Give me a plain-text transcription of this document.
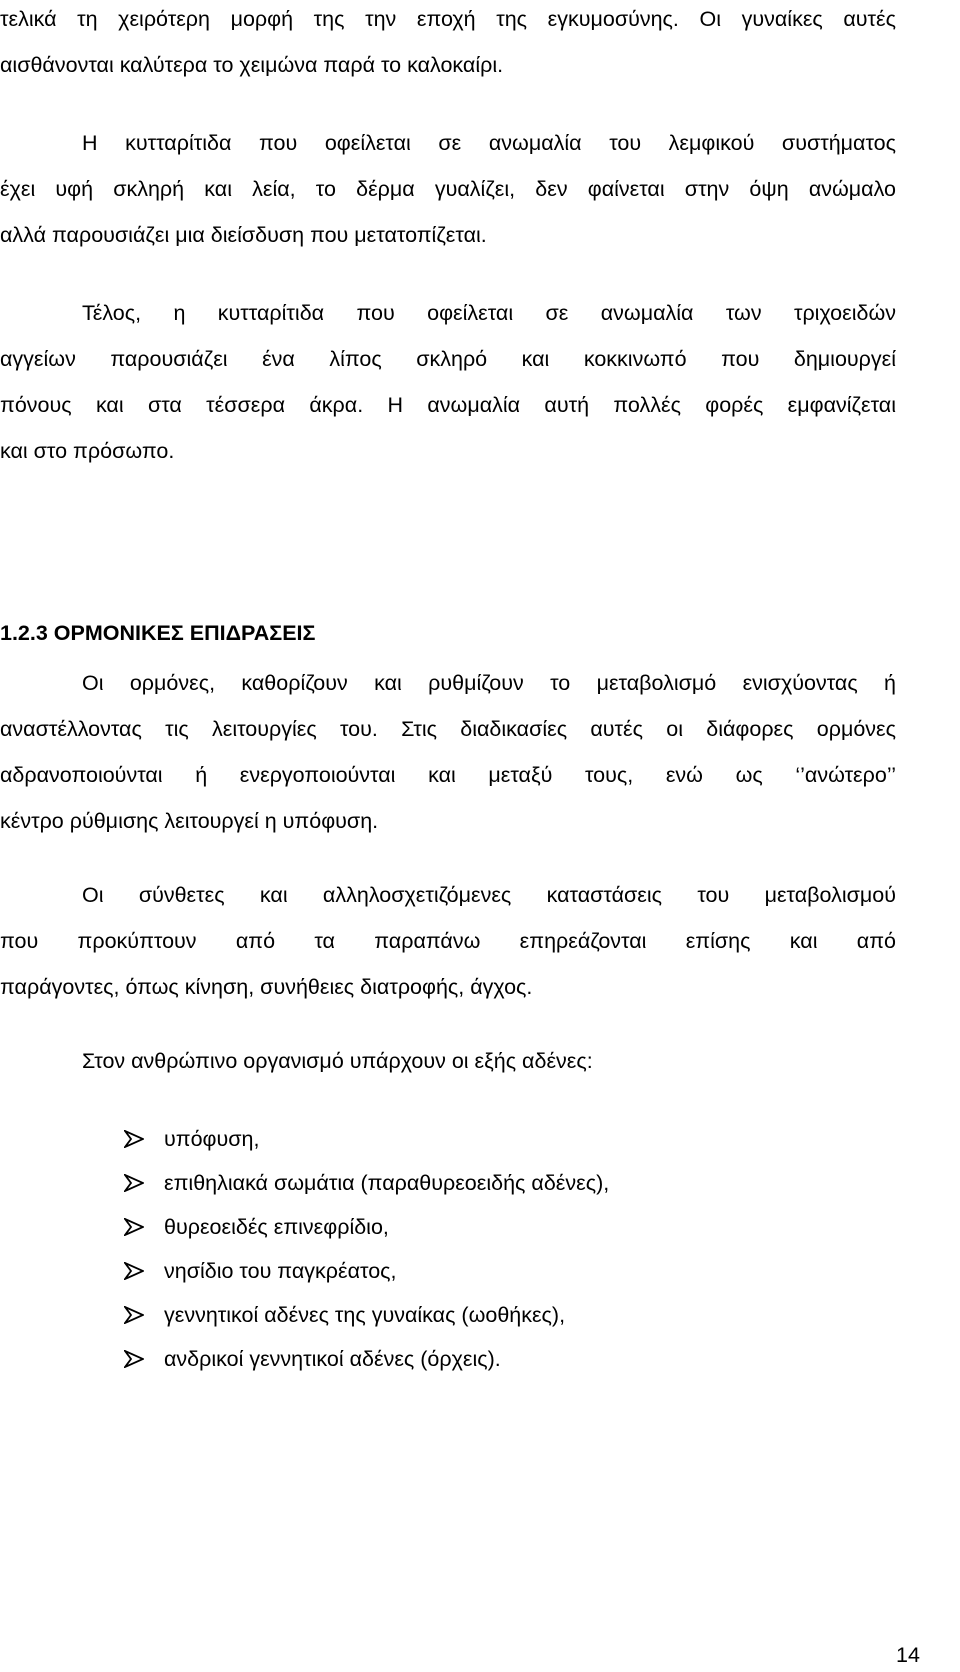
τελικά τη χειρότερη μορφή της την εποχή της εγκυμοσύνης. Οι γυναίκες αυτές
αισθάνονται καλύτερα το χειμώνα παρά το καλοκαίρι.
Η κυτταρίτιδα που οφείλεται σε ανωμαλία του λεμφικού συστήματος
έχει υφή σκληρή και λεία, το δέρμα γυαλίζει, δεν φαίνεται στην όψη ανώμαλο
αλλά παρουσιάζει μια διείσδυση που μετατοπίζεται.
Τέλος, η κυτταρίτιδα που οφείλεται σε ανωμαλία των τριχοειδών
αγγείων παρουσιάζει ένα λίπος σκληρό και κοκκινωπό που δημιουργεί
πόνους και στα τέσσερα άκρα. Η ανωμαλία αυτή πολλές φορές εμφανίζεται
και στο πρόσωπο.
1.2.3 ΟΡΜΟΝΙΚΕΣ ΕΠΙΔΡΑΣΕΙΣ
Οι ορμόνες, καθορίζουν και ρυθμίζουν το μεταβολισμό ενισχύοντας ή
αναστέλλοντας τις λειτουργίες του. Στις διαδικασίες αυτές οι διάφορες ορμόνες
αδρανοποιούνται ή ενεργοποιούνται και μεταξύ τους, ενώ ως ‘’ανώτερο’’
κέντρο ρύθμισης λειτουργεί η υπόφυση.
Οι σύνθετες και αλληλοσχετιζόμενες καταστάσεις του μεταβολισμού
που προκύπτουν από τα παραπάνω επηρεάζονται επίσης και από
παράγοντες, όπως κίνηση, συνήθειες διατροφής, άγχος.
Στον ανθρώπινο οργανισμό υπάρχουν οι εξής αδένες:
υπόφυση,
επιθηλιακά σωμάτια (παραθυρεοειδής αδένες),
θυρεοειδές επινεφρίδιο,
νησίδιο του παγκρέατος,
γεννητικοί αδένες της γυναίκας (ωοθήκες),
ανδρικοί γεννητικοί αδένες (όρχεις).
14
